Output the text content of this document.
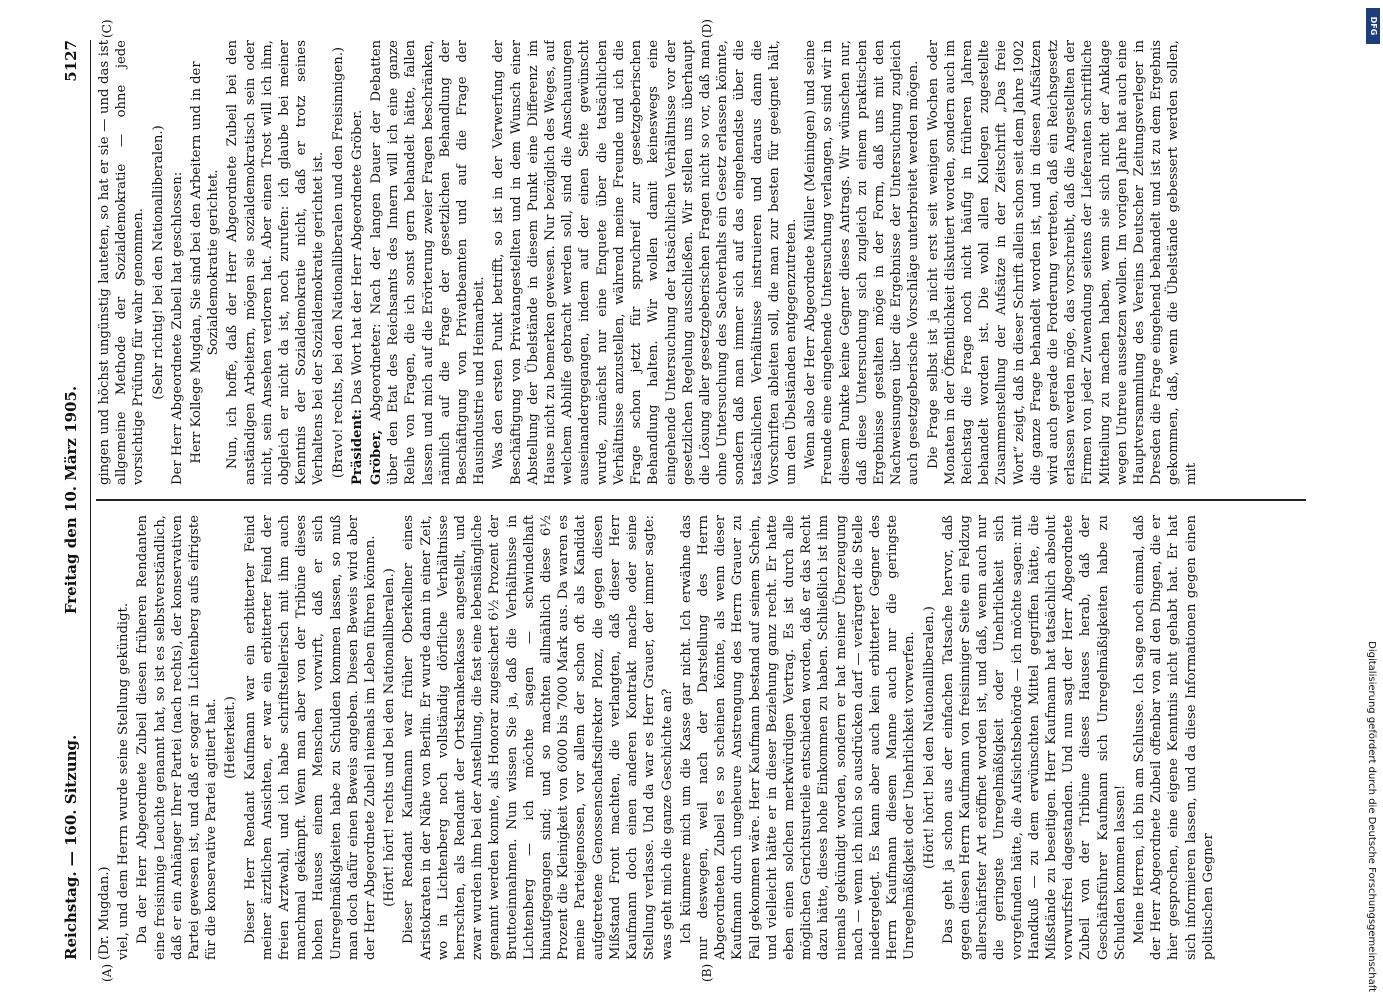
Reichstag. — 160. Sitzung.
Freitag den 10. März 1905.
5127

(Dr. Mugdan.) viel, und dem Herrn wurde seine Stellung gekündigt. Da der Herr Abgeordnete Zubeil diesen früheren Rendanten eine freisinnige Leuchte genannt hat, so ist es selbstverständlich, daß er ein Anhänger Ihrer Partei (nach rechts), der konservativen Partei gewesen ist, und daß er sogar in Lichtenberg aufs eifrigste für die konservative Partei agitiert hat. (Heiterkeit.) Dieser Herr Rendant Kaufmann war ein erbitterter Feind meiner ärztlichen Ansichten, er war ein erbitterter Feind der freien Arztwahl, und ich habe schriftstellerisch mit ihm auch manchmal gekämpft. Wenn man aber von der Tribüne dieses hohen Hauses einem Menschen vorwirft, daß er sich Unregelmäßigkeiten habe zu Schulden kommen lassen, so muß man doch dafür einen Beweis angeben. Diesen Beweis wird aber der Herr Abgeordnete Zubeil niemals im Leben führen können. (Hört! hört! rechts und bei den Nationalliberalen.) Dieser Rendant Kaufmann war früher Oberkellner eines Aristokraten in der Nähe von Berlin. Er wurde dann in einer Zeit, wo in Lichtenberg noch vollständig dörfliche Verhältnisse herrschten, als Rendant der Ortskrankenkasse angestellt, und zwar wurden ihm bei der Anstellung, die fast eine lebenslängliche genannt werden konnte, als Honorar zugesichert 6½ Prozent der Bruttoeinnahmen. Nun wissen Sie ja, daß die Verhältnisse in Lichtenberg — ich möchte sagen — schwindelhaft hinaufgegangen sind; und so machten allmählich diese 6½ Prozent die Kleinigkeit von 6000 bis 7000 Mark aus. Da waren es meine Parteigenossen, vor allem der schon oft als Kandidat aufgetretene Genossenschaftsdirektor Plonz, die gegen diesen Mißstand Front machten, die verlangten, daß dieser Herr Kaufmann doch einen anderen Kontrakt mache oder seine Stellung verlasse. Und da war es Herr Grauer, der immer sagte: was geht mich die ganze Geschichte an? Ich kümmere mich um die Kasse gar nicht. Ich erwähne das nur deswegen, weil nach der Darstellung des Herrn Abgeordneten Zubeil es so scheinen könnte, als wenn dieser Kaufmann durch ungeheure Anstrengung des Herrn Grauer zu Fall gekommen wäre. Herr Kaufmann bestand auf seinem Schein, und vielleicht hätte er in dieser Beziehung ganz recht. Er hatte eben einen solchen merkwürdigen Vertrag. Es ist durch alle möglichen Gerichtsurteile entschieden worden, daß er das Recht dazu hätte, dieses hohe Einkommen zu haben. Schließlich ist ihm niemals gekündigt worden, sondern er hat meiner Überzeugung nach — wenn ich mich so ausdrücken darf — verärgert die Stelle niedergelegt. Es kann aber auch kein erbitterter Gegner des Herrn Kaufmann diesem Manne auch nur die geringste Unregelmäßigkeit oder Unehrlichkeit vorwerfen. (Hört! hört! bei den Nationalliberalen.) Das geht ja schon aus der einfachen Tatsache hervor, daß gegen diesen Herrn Kaufmann von freisinniger Seite ein Feldzug allerschärfster Art eröffnet worden ist, und daß, wenn auch nur die geringste Unregelmäßigkeit oder Unehrlichkeit sich vorgefunden hätte, die Aufsichtsbehörde — ich möchte sagen: mit Handkuß — zu dem erwünschten Mittel gegriffen hätte, die Mißstände zu beseitigen. Herr Kaufmann hat tatsächlich absolut vorwurfsfrei dagestanden. Und nun sagt der Herr Abgeordnete Zubeil von der Tribüne dieses Hauses herab, daß der Geschäftsführer Kaufmann sich Unregelmäßigkeiten habe zu Schulden kommen lassen! Meine Herren, ich bin am Schlusse. Ich sage noch einmal, daß der Herr Abgeordnete Zubeil offenbar von all den Dingen, die er hier gesprochen, eine eigene Kenntnis nicht gehabt hat. Er hat sich informieren lassen, und da diese Informationen gegen einen politischen Gegner

gingen und höchst ungünstig lauteten, so hat er sie — und das ist allgemeine Methode der Sozialdemokratie — ohne jede vorsichtige Prüfung für wahr genommen. (Sehr richtig! bei den Nationalliberalen.) Der Herr Abgeordnete Zubeil hat geschlossen: Herr Kollege Mugdan, Sie sind bei den Arbeitern und in der Sozialdemokratie gerichtet. Nun, ich hoffe, daß der Herr Abgeordnete Zubeil bei den anständigen Arbeitern, mögen sie sozialdemokratisch sein oder nicht, sein Ansehen verloren hat. Aber einen Trost will ich ihm, obgleich er nicht da ist, noch zurufen: ich glaube bei meiner Kenntnis der Sozialdemokratie nicht, daß er trotz seines Verhaltens bei der Sozialdemokratie gerichtet ist. (Bravo! rechts, bei den Nationalliberalen und den Freisinnigen.) Präsident: Das Wort hat der Herr Abgeordnete Gröber.

Gröber, Abgeordneter: Nach der langen Dauer der Debatten über den Etat des Reichsamts des Innern will ich eine ganze Reihe von Fragen, die ich sonst gern behandelt hätte, fallen lassen und mich auf die Erörterung zweier Fragen beschränken, nämlich auf die Frage der gesetzlichen Behandlung der Beschäftigung von Privatbeamten und auf die Frage der Hausindustrie und Heimarbeit. Was den ersten Punkt betrifft, so ist in der Verwerfung der Beschäftigung von Privatangestellten und in dem Wunsch einer Abstellung der Übelstände in diesem Punkt eine Differenz im Hause nicht zu bemerken gewesen. Nur bezüglich des Weges, auf welchem Abhilfe gebracht werden soll, sind die Anschauungen auseinandergegangen, indem auf der einen Seite gewünscht wurde, zunächst nur eine Enquete über die tatsächlichen Verhältnisse anzustellen, während meine Freunde und ich die Frage schon jetzt für spruchreif zur gesetzgeberischen Behandlung halten. Wir wollen damit keineswegs eine eingehende Untersuchung der tatsächlichen Verhältnisse vor der gesetzlichen Regelung ausschließen. Wir stellen uns überhaupt die Lösung aller gesetzgeberischen Fragen nicht so vor, daß man ohne Untersuchung des Sachverhalts ein Gesetz erlassen könnte, sondern daß man immer sich auf das eingehendste über die tatsächlichen Verhältnisse instruieren und daraus dann die Vorschriften ableiten soll, die man zur besten für geeignet hält, um den Übelständen entgegenzutreten. Wenn also der Herr Abgeordnete Müller (Meiningen) und seine Freunde eine eingehende Untersuchung verlangen, so sind wir in diesem Punkte keine Gegner dieses Antrags. Wir wünschen nur, daß diese Untersuchung sich zugleich zu einem praktischen Ergebnisse gestalten möge in der Form, daß uns mit den Nachweisungen über die Ergebnisse der Untersuchung zugleich auch gesetzgeberische Vorschläge unterbreitet werden mögen. Die Frage selbst ist ja nicht erst seit wenigen Wochen oder Monaten in der Öffentlichkeit diskutiert worden, sondern auch im Reichstag die Frage noch nicht häufig in früheren Jahren behandelt worden ist. Die wohl allen Kollegen zugestellte Zusammenstellung der Aufsätze in der Zeitschrift „Das freie Wort“ zeigt, daß in dieser Schrift allein schon seit dem Jahre 1902 die ganze Frage behandelt worden ist, und in diesen Aufsätzen wird auch gerade die Forderung vertreten, daß ein Reichsgesetz erlassen werden möge, das vorschreibt, daß die Angestellten der Firmen von jeder Zuwendung seitens der Lieferanten schriftliche Mitteilung zu machen haben, wenn sie sich nicht der Anklage wegen Untreue aussetzen wollen. Im vorigen Jahre hat auch eine Hauptversammlung des Vereins Deutscher Zeitungsverleger in Dresden die Frage eingehend behandelt und ist zu dem Ergebnis gekommen, daß, wenn die Übelstände gebessert werden sollen, mit

(A)	(B)
(C)	(D)	DFG
Digitalisierung gefördert durch die Deutsche Forschungsgemeinschaft
